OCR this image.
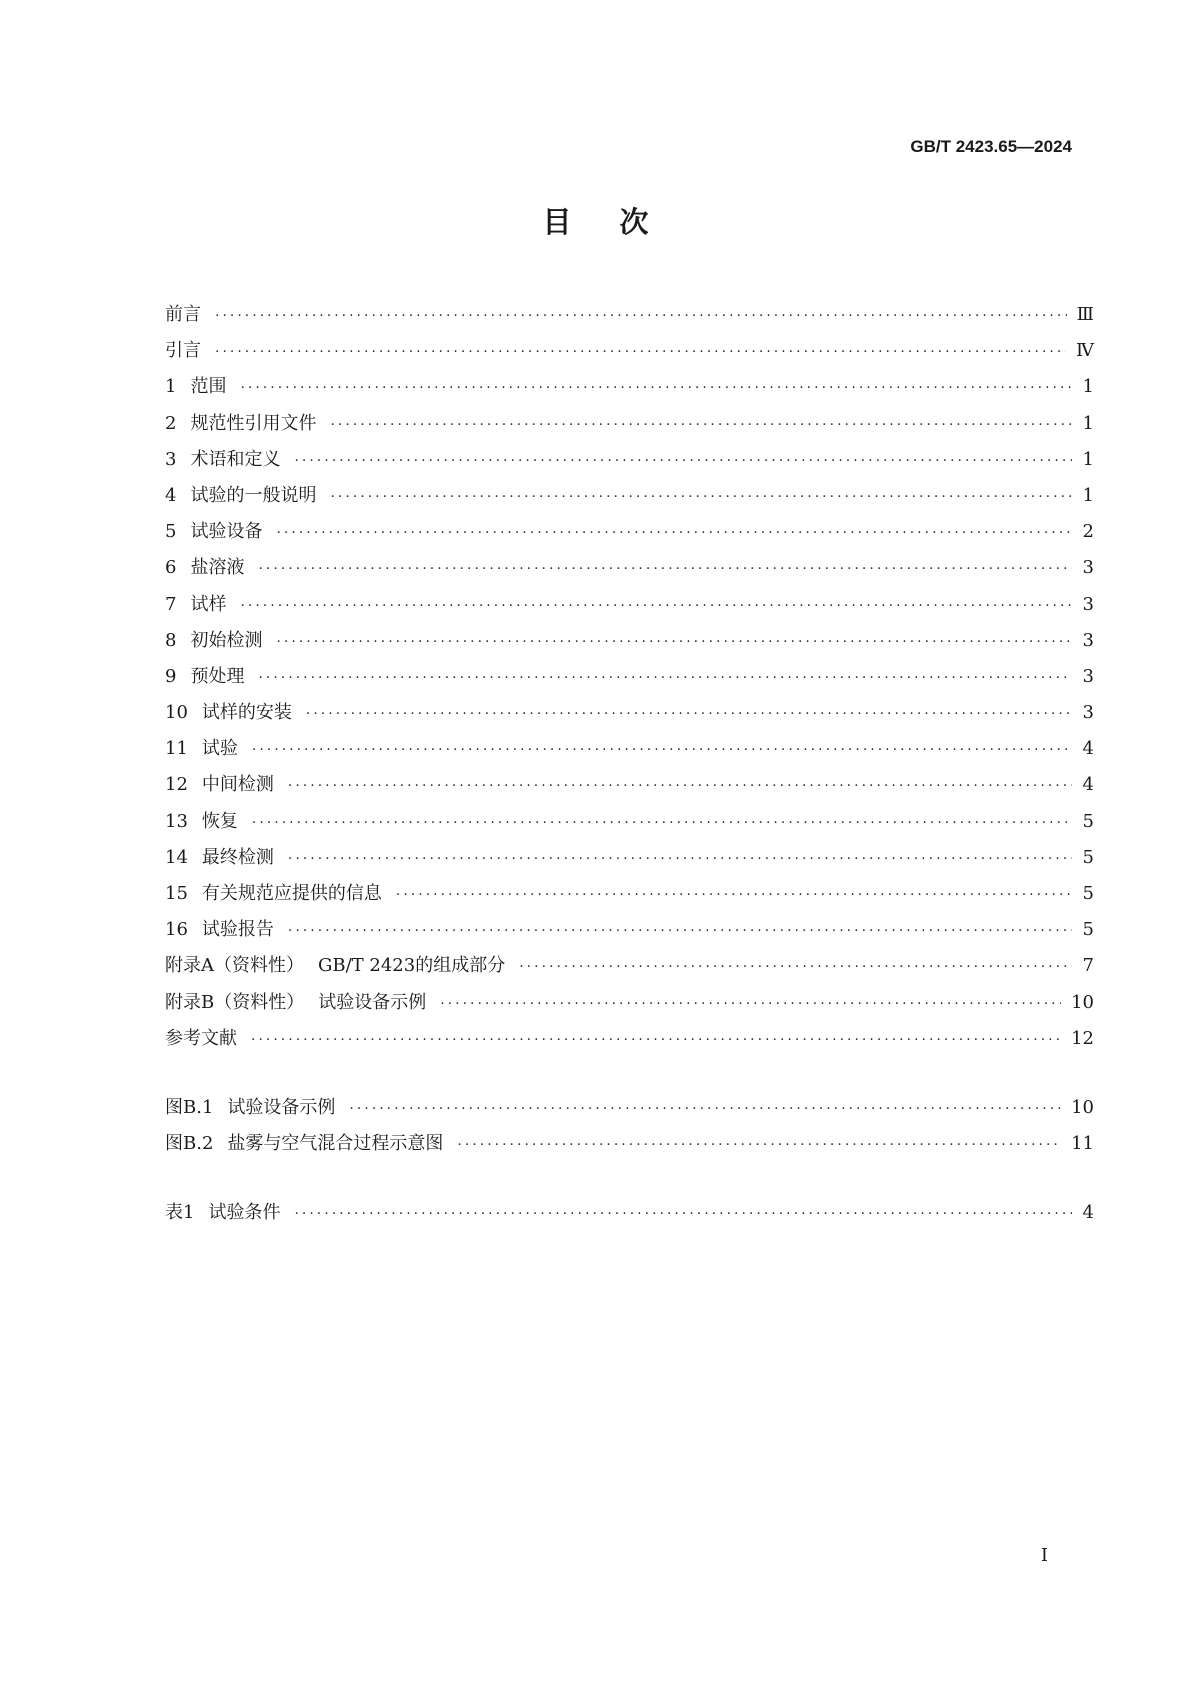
GB/T 2423.65—2024
目次
前言 ·····	Ⅲ
引言 ·····	Ⅳ
1 范围 ·····	1
2 规范性引用文件 ·····	1
3 术语和定义 ·····	1
4 试验的一般说明 ·····	1
5 试验设备 ·····	2
6 盐溶液 ·····	3
7 试样 ·····	3
8 初始检测 ·····	3
9 预处理 ·····	3
10 试样的安装 ·····	3
11 试验 ·····	4
12 中间检测 ·····	4
13 恢复 ·····	5
14 最终检测 ·····	5
15 有关规范应提供的信息 ·····	5
16 试验报告 ·····	5
附录A（资料性） GB/T 2423的组成部分 ·····	7
附录B（资料性） 试验设备示例 ·····	10
参考文献 ·····	12
图B.1 试验设备示例 ·····	10
图B.2 盐雾与空气混合过程示意图 ·····	11
表1 试验条件 ·····	4
I
